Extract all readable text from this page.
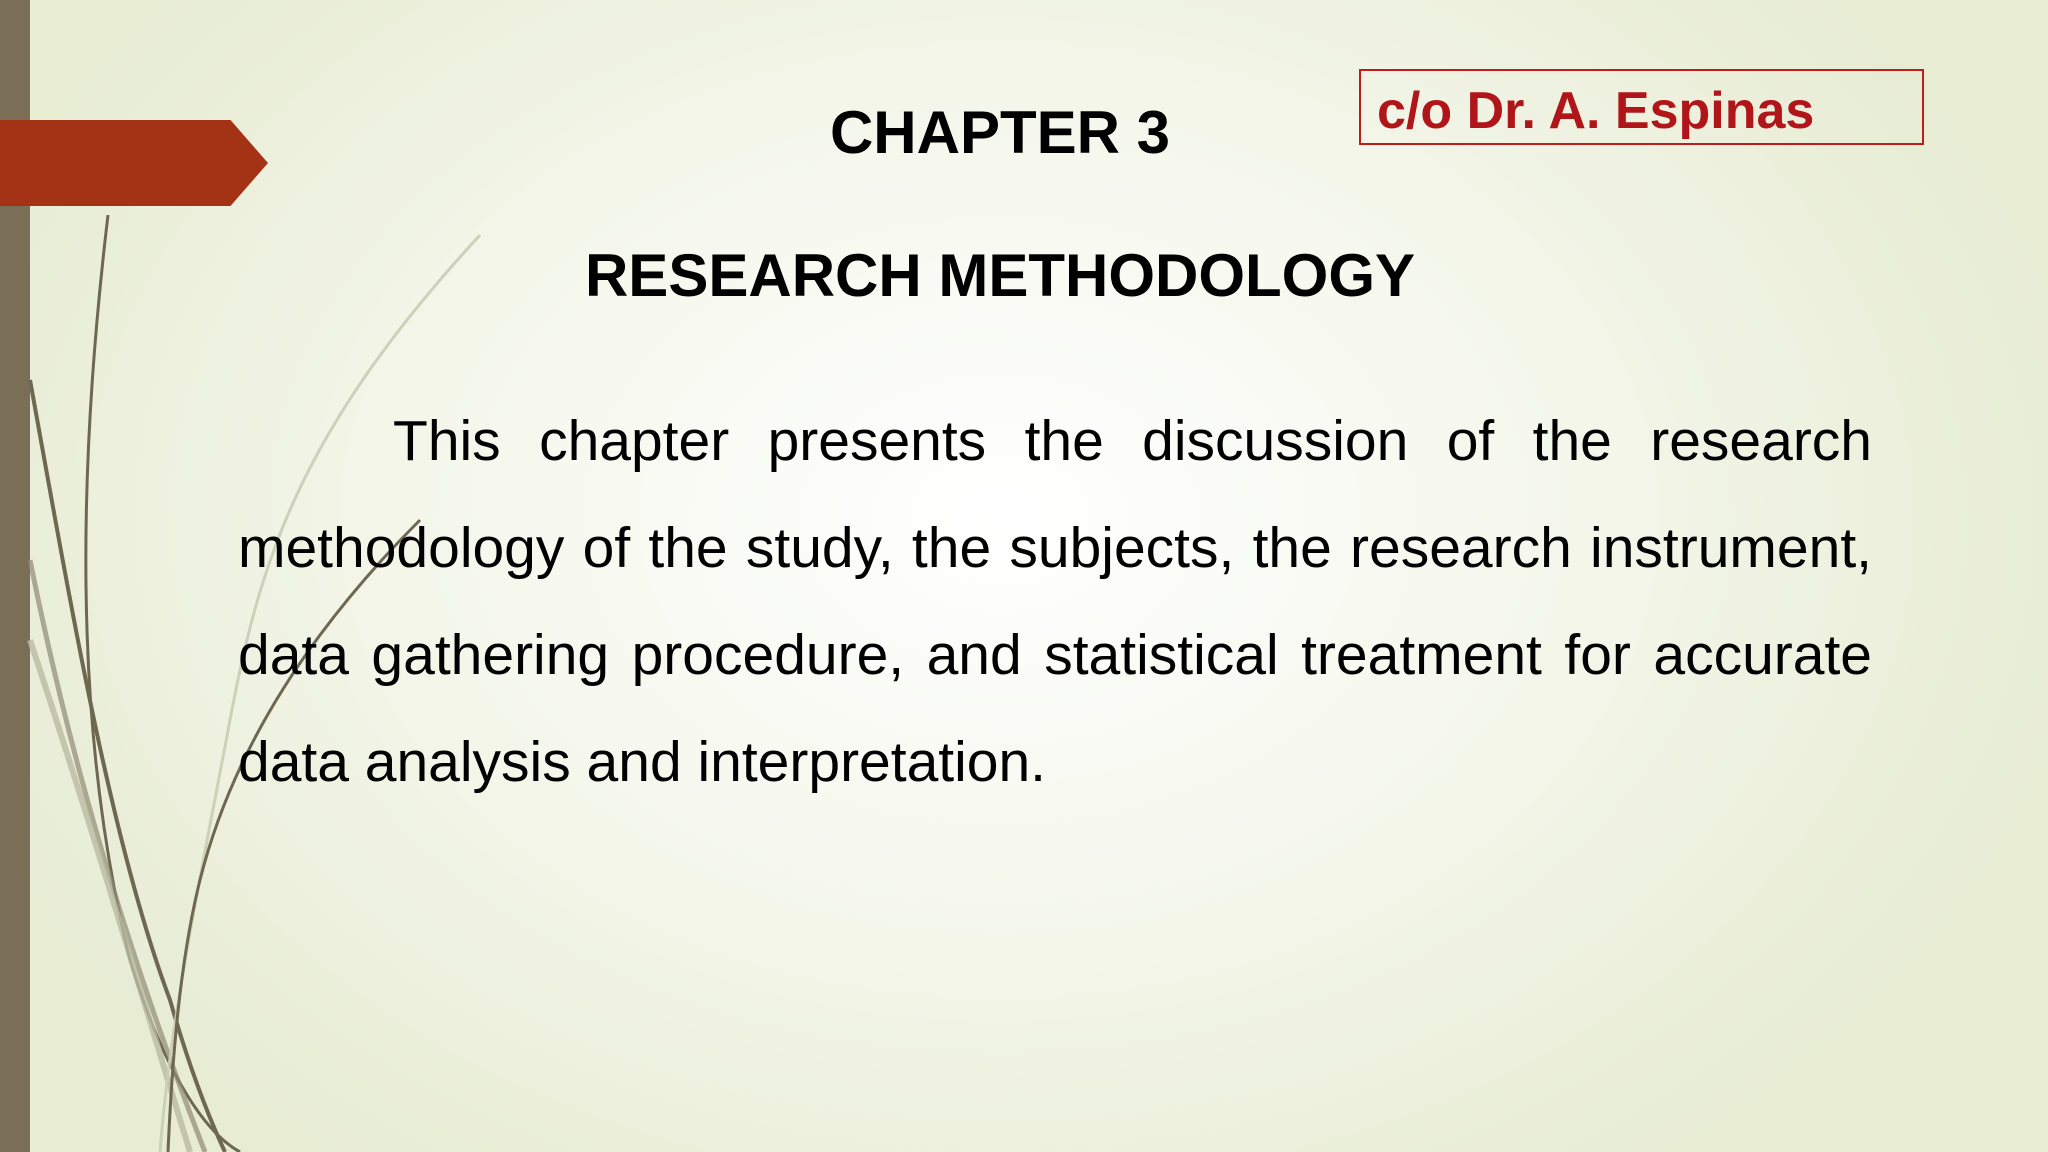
CHAPTER 3	c/o Dr. A. Espinas
RESEARCH METHODOLOGY

This chapter presents the discussion of the research methodology of the study, the subjects, the research instrument, data gathering procedure, and statistical treatment for accurate data analysis and interpretation.
